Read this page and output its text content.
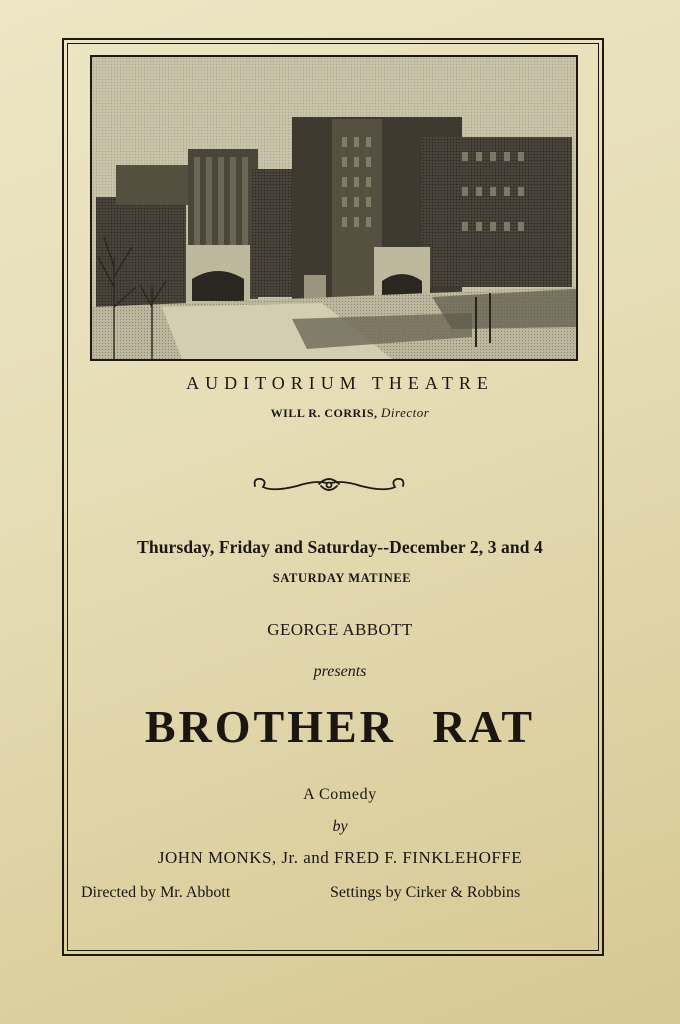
AUDITORIUM THEATRE
WILL R. CORRIS, Director
Thursday, Friday and Saturday--December 2, 3 and 4
SATURDAY MATINEE
GEORGE ABBOTT
presents
BROTHER RAT
A Comedy
by
JOHN MONKS, Jr. and FRED F. FINKLEHOFFE
Directed by Mr. Abbott	Settings by Cirker & Robbins
